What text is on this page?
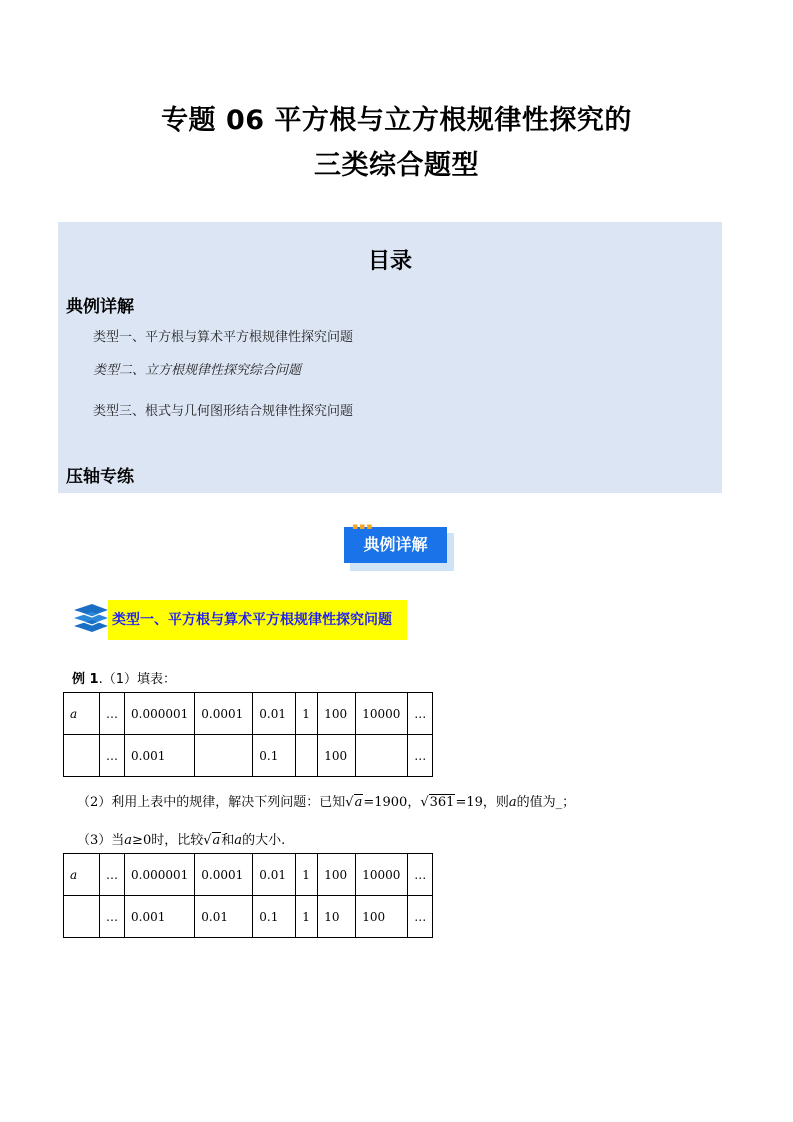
专题 06 平方根与立方根规律性探究的
三类综合题型
目录
典例详解
类型一、平方根与算术平方根规律性探究问题
类型二、立方根规律性探究综合问题
类型三、根式与几何图形结合规律性探究问题
压轴专练
典例详解
▪▪▪
类型一、平方根与算术平方根规律性探究问题
例 1.（1）填表：
a	…	0.000001	0.0001	0.01	1	100	10000	…
	…	0.001		0.1		100		…
（2）利用上表中的规律，解决下列问题：已知√a=1900，√361=19，则a的值为_；
（3）当a≥0时，比较√a和a的大小.
a	…	0.000001	0.0001	0.01	1	100	10000	…
	…	0.001	0.01	0.1	1	10	100	…
